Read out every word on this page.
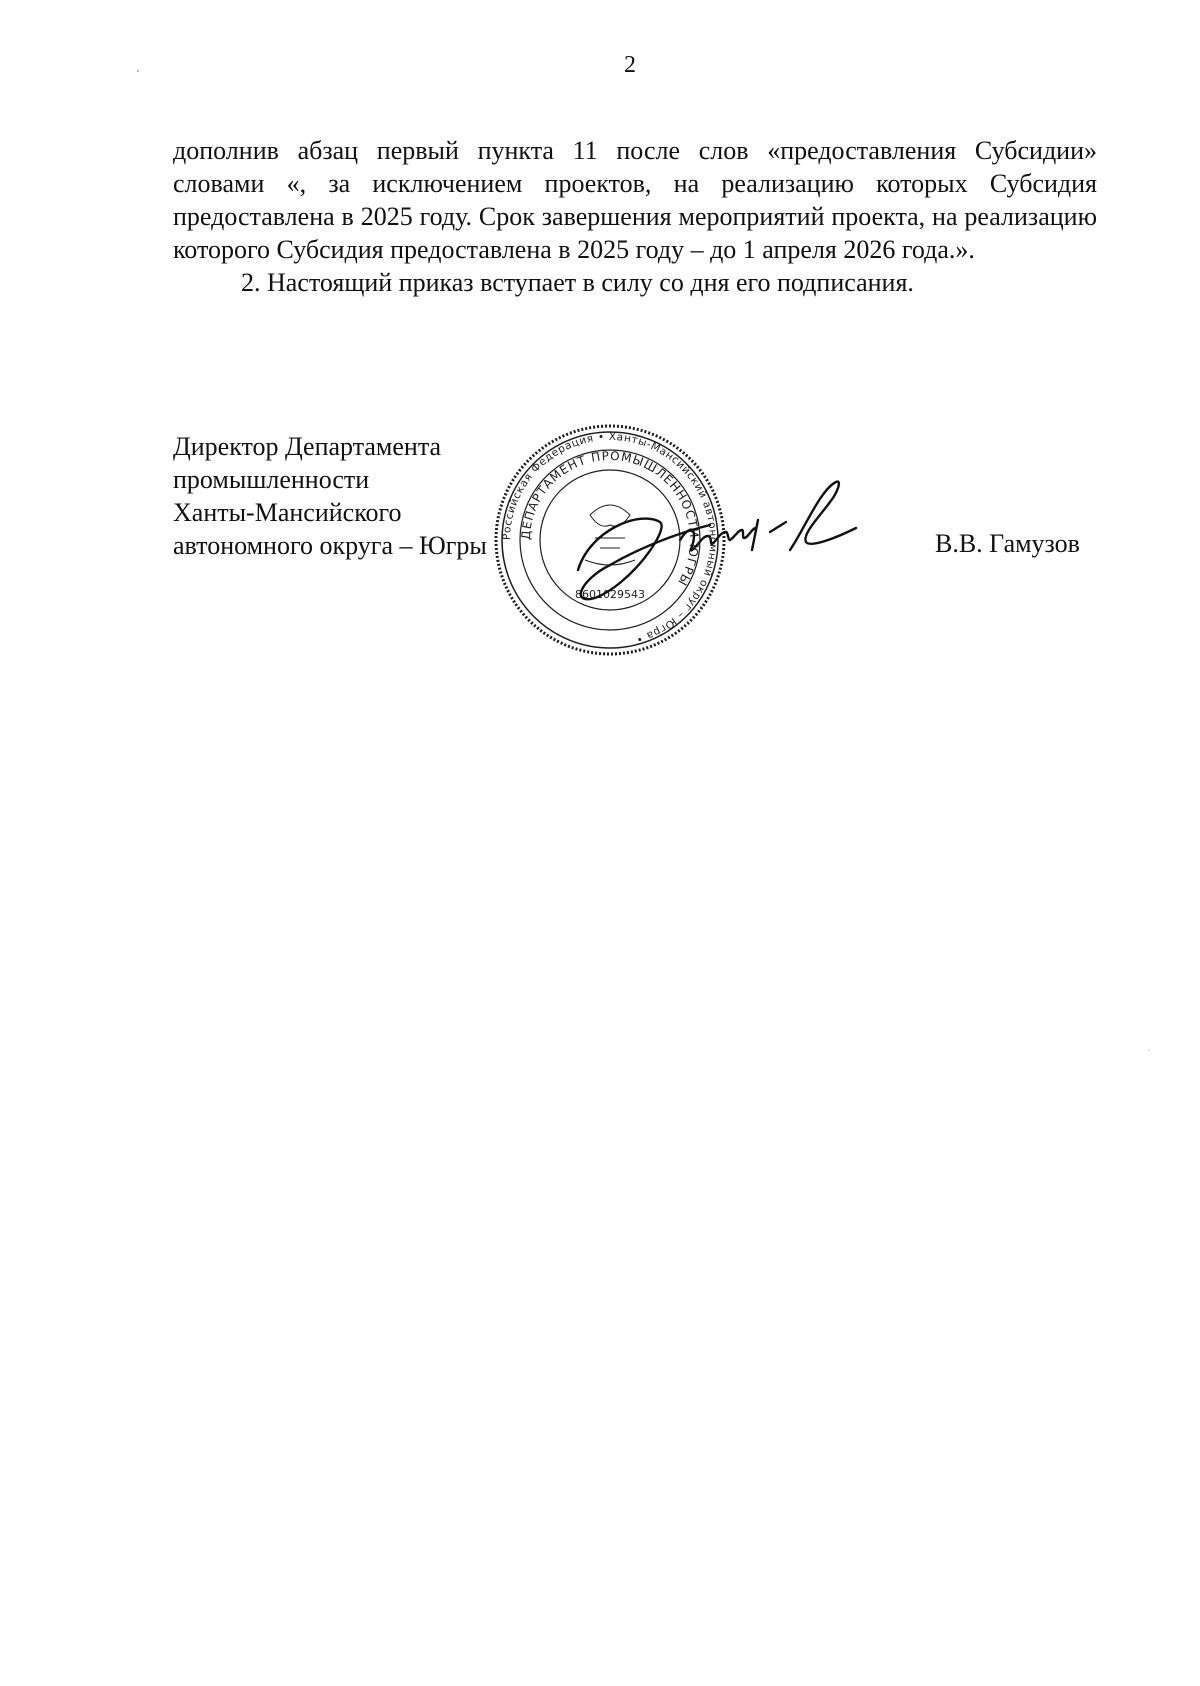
2

дополнив абзац первый пункта 11 после слов «предоставления Субсидии» словами «, за исключением проектов, на реализацию которых Субсидия предоставлена в 2025 году. Срок завершения мероприятий проекта, на реализацию которого Субсидия предоставлена в 2025 году – до 1 апреля 2026 года.».

2. Настоящий приказ вступает в силу со дня его подписания.

Российская Федерация • Ханты-Мансийский автономный округ – Югра •
ДЕПАРТАМЕНТ ПРОМЫШЛЕННОСТИ ЮГРЫ
8601029543
Директор Департамента
промышленности
Ханты-Мансийского
автономного округа – Югры	В.В. Гамузов
